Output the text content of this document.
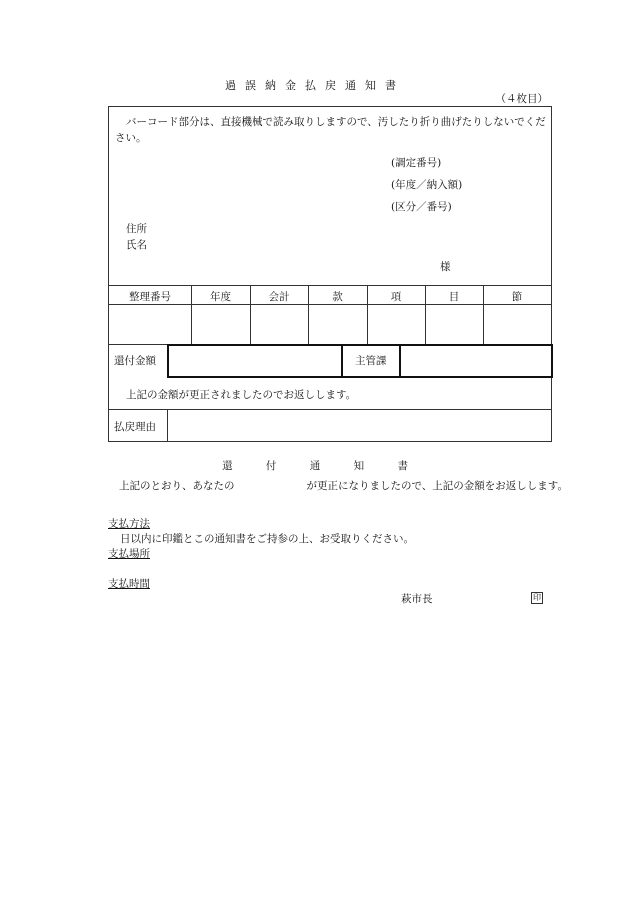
過誤納金払戻通知書
（４枚目）
バーコード部分は、直接機械で読み取りしますので、汚したり折り曲げたりしないでください。
(調定番号)
(年度／納入額)
(区分／番号)
住所
氏名
様
整理番号	年度	会計	款	項	目	節
還付金額	主管課
上記の金額が更正されましたのでお返しします。
払戻理由
還	付	通	知	書
上記のとおり、あなたの	が更正になりましたので、上記の金額をお返しします。
支払方法
日以内に印鑑とこの通知書をご持参の上、お受取りください。
支払場所
支払時間
萩市長	印
